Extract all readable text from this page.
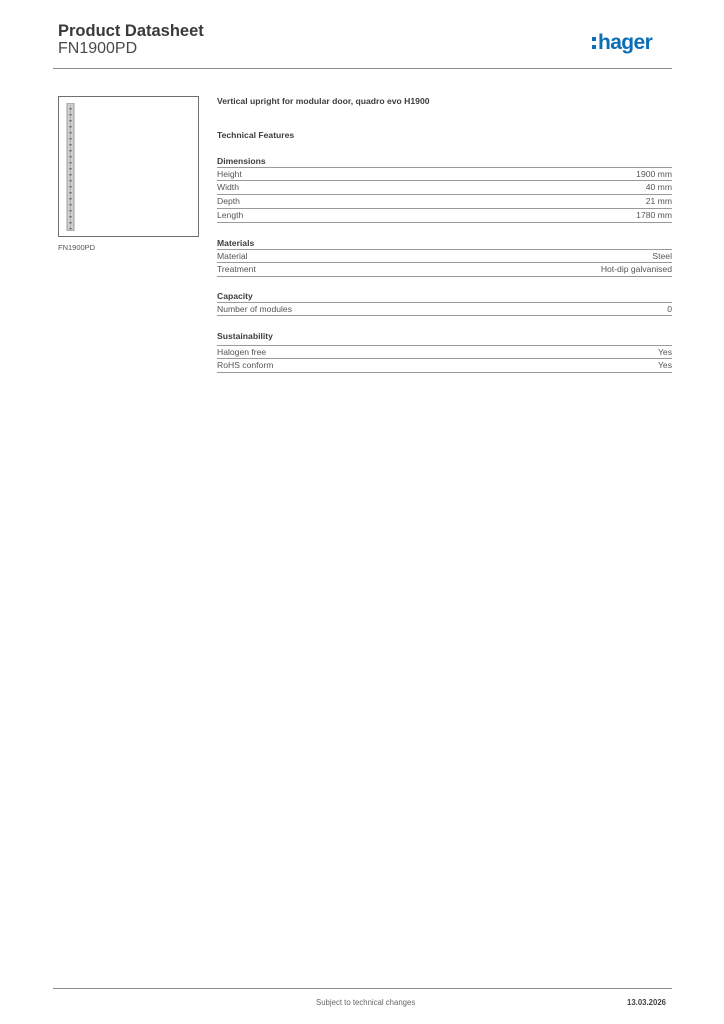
Product Datasheet
FN1900PD	hager
FN1900PD
Vertical upright for modular door, quadro evo H1900
Technical Features
Dimensions
Height	1900 mm
Width	40 mm
Depth	21 mm
Length	1780 mm
Materials
Material	Steel
Treatment	Hot-dip galvanised
Capacity
Number of modules	0
Sustainability
Halogen free	Yes
RoHS conform	Yes
Subject to technical changes	13.03.2026
